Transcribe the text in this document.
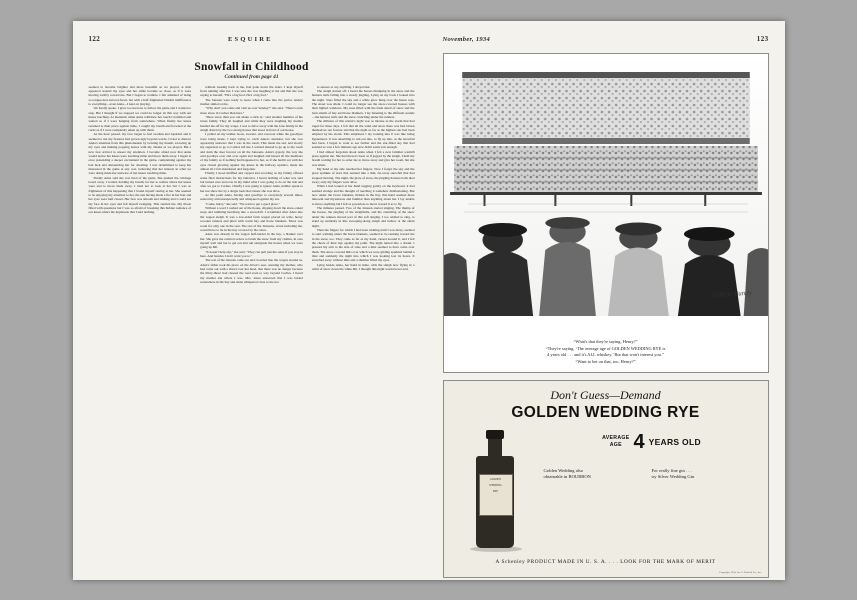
122	ESQUIRE
Snowfall in Childhood
Continued from page 41

seemed to become brighter and more beautiful as we played. A mist appeared around my eyes and her smile became so close, as if it were moving swiftly toward me. But I began to tremble. I felt ashamed of being so tongue-tied and red-faced, but with a half-frightened blissful indifference to everything—even Anna—I kept on playing.

We hardly spoke. I grew too nervous to follow the game and I wanted to stop. But I thought if we stopped we could no longer sit this way with our knees touching. At moments when Anna withdrew her touch I trembled and waited as if I were hanging from somewhere. When finally her knees returned to their place against mine, I caught my breath and frowned at the cards as if I were completely taken up with them.

As the hour passed, my face began to feel swollen and lopsided and it seemed to me my features had grown ugly beyond words. I tried to distract Anna's attention from this phenomenon by twisting my mouth, screwing up my eyes and making popping noises with my cheeks as we played. But a new fear arrived to unseat my attention. I became afraid now that Anna would notice her knees were touching mine and move them away. I began at once pretending a deeper excitement in the game, complaining against my bad luck and denouncing her for cheating. I was determined to keep her interested in the game at any cost, believing that her interest in what we were doing made her unaware of her knees touching mine.

Finally Anna said she was tired of the game. She pushed the cribbage board away. I waited, holding my breath, for her to realize where her knees were and to move them away. I tried not to look at her but I was so frightened of this happening that I found myself staring at her. She seemed to be enjoying my attention to her, the sun having made a fire in her hair and her eyes were half closed. Her face was smooth and smiling and I could see my face in her eyes and felt myself swinging. This startled me. My throat filled with questions but I was so afraid of breaking this hidden romance of our knees under the inglenook that I said nothing.

without looking back at me, had gone down the stairs. I kept myself from running after her. I was sure she was laughing at me and that she was saying to herself, "He's a big fool. He's a big fool."

The Janssen were ready to leave when I came into the parlor. Anna's mother smiled at me.

"Why don't you come and visit us over Sunday?" she said. "There's even more snow in Corlies than here."

"More snow than you can shake a stick at," said another member of the Jones family. They all laughed and while they were laughing my mother hustled me off for my wraps. I was to drive away with the Jans family in the sleigh driven by the two strong horses that stood in front of our house.

I pulled on my leather boots, sweater, and overcoat while the goodbyes were being made. I kept trying to catch Anna's attention, but she was apparently unaware that I was in the room. This made me sad, and slowly my eagerness to go to Corlies left me. I wanted instead to go up to my room and slam the door forever on all the Janssens. Anna's gayety, the way she said goodbye over and over again and laughed and kissed all the members of my family as if nothing had happened to her, as if she hadn't sat with her eyes closed glowing against my knees in the hallway upstairs, made me almost ill. I felt abandoned and forgotten.

Finally I stood muffled and capped and scowling as my family offered some final instructions for my behavior. I heard nothing of what was said but turned over and over in my mind what I was going to do on the ride and after we got to Corlies. Chiefly I was going to ignore Anna, neither speak to her nor show her by a single look that I knew she was alive.

At this point Anna, having said goodbye to everybody several times, seized my arm unexpectedly and whispered against my ear.

"Come, hurry," she said. "We want to get a good place."

Without a word I rushed out of the house, slipping down the snow-caked steps and tumbling headlong into a snowdrift. I scrambled after Anna into the wagon sleigh. It was a low-sided farm wagon placed on wide, heavy wooden runners and piled with warm hay and horse blankets. There was room for only one in the seat. The rest of the Janssens, seven including me, would have to lie in the hay covered by the robes.

Anna was already in the wagon half-buried in the hay, a blanket over her. She gave me comical orders to brush the snow from my clothes, in case myself well and not to get out and run alongside the horses when we were going up hill.

"It doesn't help any," she said. "They can pull just the same if you stay in here. And besides I don't want you to."

The rest of the Janssen came out and crowded into the wagon around us. Anna's father took his place on the driver's seat, assuring my mother, who had come out with a shawl over her head, that there was no danger because the thirty-three' had cleared the road even to way beyond Corlies. I heard my mother ask where I was. Mrs. Jones answered that I was buried somewhere in the hay and Anna whispered close to me not

to answer or say anything. I obeyed her.

The sleigh started off. I heard the horses thumping in the snow and the harness bells falling into a steady jingling. Lying on my back I looked into the night. Stars filled the sky and a white glow hung over the house tops. The street was silent. I could no longer see the snow-covered houses with their lighted windows. My nose filled with the fresh smell of snow and the barn smells of hay and horse blankets. I lay listening to the different sounds—the harness bells and the snow crunching under the runners.

The stillness of this winter's night was as intense as the storm that had raged for three days. I felt that all the wind and snow there was had blown themselves out forever and that the night so far as the highest star had been emptied by the storm. This emptiness I lay looking into it was like being hypnotized. It was unsettling to run out into, to fly up into, as the snowfall had been. I began to want to see farther and the star-filled sky that had seemed so vast a few minutes ago now didn't seem vast enough.

I had almost forgotten about Anna when I felt a new familiar warmth press against me. She had moved closer as if jogged by the sleigh. I held my breath waiting for her to order me to move away and give her room, but she was silent.

My hand at my side touched her fingers. Now I forgot the sky and the great sprinkle of stars that seemed like a thin, far-away snowfall that had stopped moving. The night, the glare of snow, the jingling harness bells died away; only my fingers were alive.

When I had looked at her hand tugging gently on the keyboard, it had seemed strange and the thought of touching it somehow disillusioning. But now under the brave blankets, hidden in the hay, this hand seemed more innocent and mysterious and familiar than anything about her. I lay unable to move anything but I felt as powerless to move toward it as to fly.

The minutes passed. Two of the Janssen started singing. The thump of the horses, the jingling of the sleighbells, and the crunching of the snow under the runners moved part of this soft singing. I too wished to sing, to stand up suddenly in this swooping-along sleigh and bellow at the silent night.

Then the fingers for which I had been wishing until I was dizzy, seemed to start walking under the horse blankets, seemed to be running toward me in the snow, too. They came as far as my hand, closed around it, and I felt the chock of their lips against my palm. The night turned into a dream. I pressed my arm to the side of state and a mist seemed to have come over them. The snow-covered hills over which we were gliding sparkled behind a mist and suddenly the night into which I was looking lost its hours. It stretched away without time and a slumber filled my eyes.

Lying beside Anna, her hand in mine, with the sleigh now flying in a whirl of snow down the white hill, I thought this night would never end.

November, 1934	123
Gilbert Bundy
“What's that they're saying, Henry?”
“They're saying, ‘The average age of GOLDEN WEDDING RYE is
4 years old . . . and it's ALL whiskey.’ But that won't interest you.”
“Want to bet on that, too, Henry?”
Don't Guess—Demand
GOLDEN WEDDING RYE
GOLDEN
WEDDING
RYE
AVERAGE
AGE 4 YEARS OLD

Golden Wedding also

obtainable in BOURBON

For really fine gin . . .

try Silver Wedding Gin

A Schenley PRODUCT MADE IN U. S. A. . . . LOOK FOR THE MARK OF MERIT
Copyright, 1934, Jos. S. Finch & Co., Inc.
